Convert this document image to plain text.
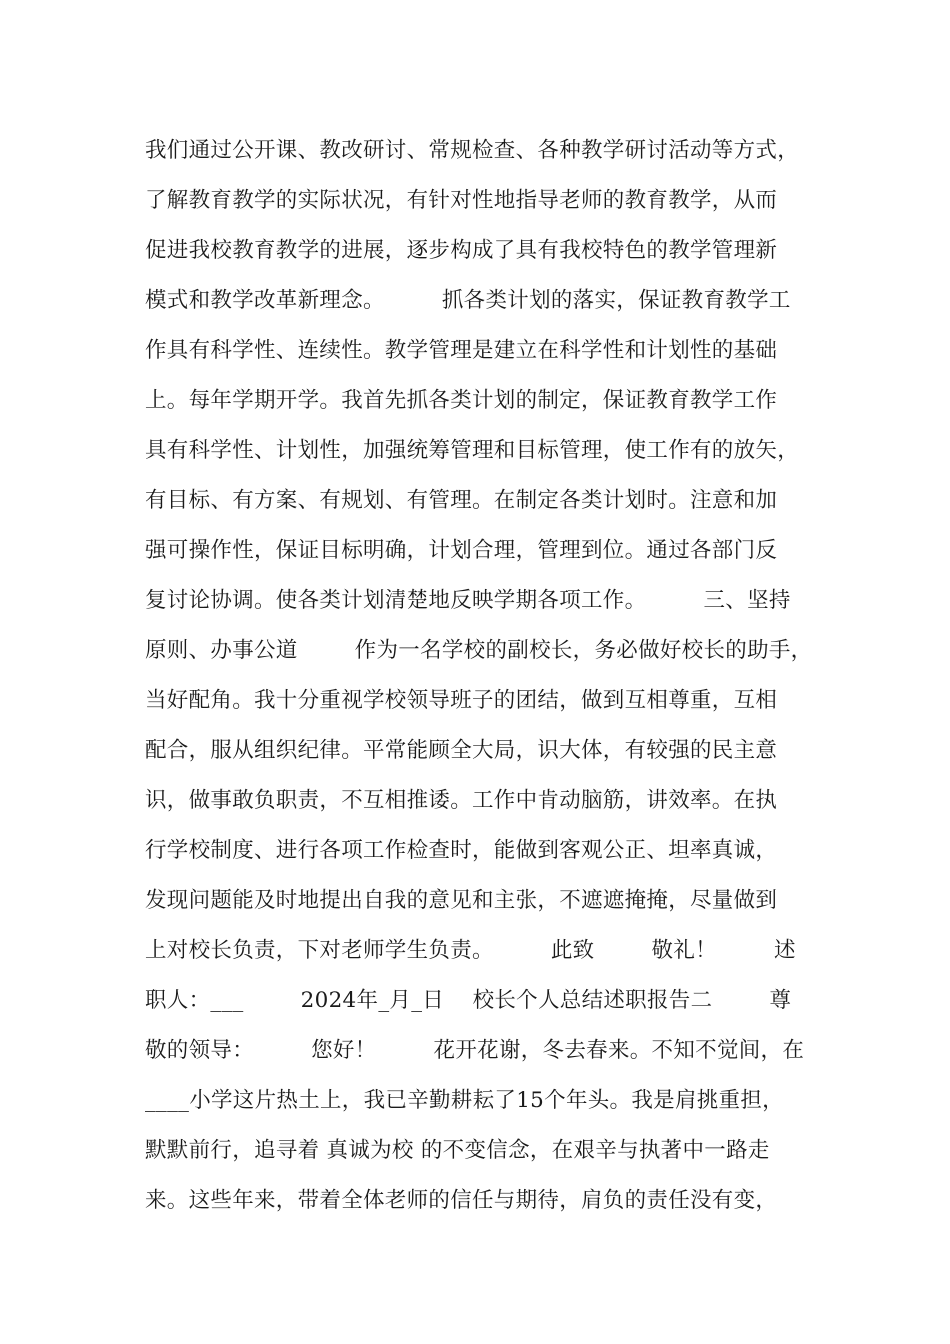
我们通过公开课、教改研讨、常规检查、各种教学研讨活动等方式，
了解教育教学的实际状况，有针对性地指导老师的教育教学，从而
促进我校教育教学的进展，逐步构成了具有我校特色的教学管理新
模式和教学改革新理念。        抓各类计划的落实，保证教育教学工
作具有科学性、连续性。教学管理是建立在科学性和计划性的基础
上。每年学期开学。我首先抓各类计划的制定，保证教育教学工作
具有科学性、计划性，加强统筹管理和目标管理，使工作有的放矢，
有目标、有方案、有规划、有管理。在制定各类计划时。注意和加
强可操作性，保证目标明确，计划合理，管理到位。通过各部门反
复讨论协调。使各类计划清楚地反映学期各项工作。        三、坚持
原则、办事公道        作为一名学校的副校长，务必做好校长的助手，
当好配角。我十分重视学校领导班子的团结，做到互相尊重，互相
配合，服从组织纪律。平常能顾全大局，识大体，有较强的民主意
识，做事敢负职责，不互相推诿。工作中肯动脑筋，讲效率。在执
行学校制度、进行各项工作检查时，能做到客观公正、坦率真诚，
发现问题能及时地提出自我的意见和主张，不遮遮掩掩，尽量做到
上对校长负责，下对老师学生负责。        此致        敬礼！        述
职人：___        2024年_月_日    校长个人总结述职报告二        尊
敬的领导：        您好！        花开花谢，冬去春来。不知不觉间，在
____小学这片热土上，我已辛勤耕耘了15个年头。我是肩挑重担，
默默前行，追寻着 真诚为校 的不变信念，在艰辛与执著中一路走
来。这些年来，带着全体老师的信任与期待，肩负的责任没有变，
